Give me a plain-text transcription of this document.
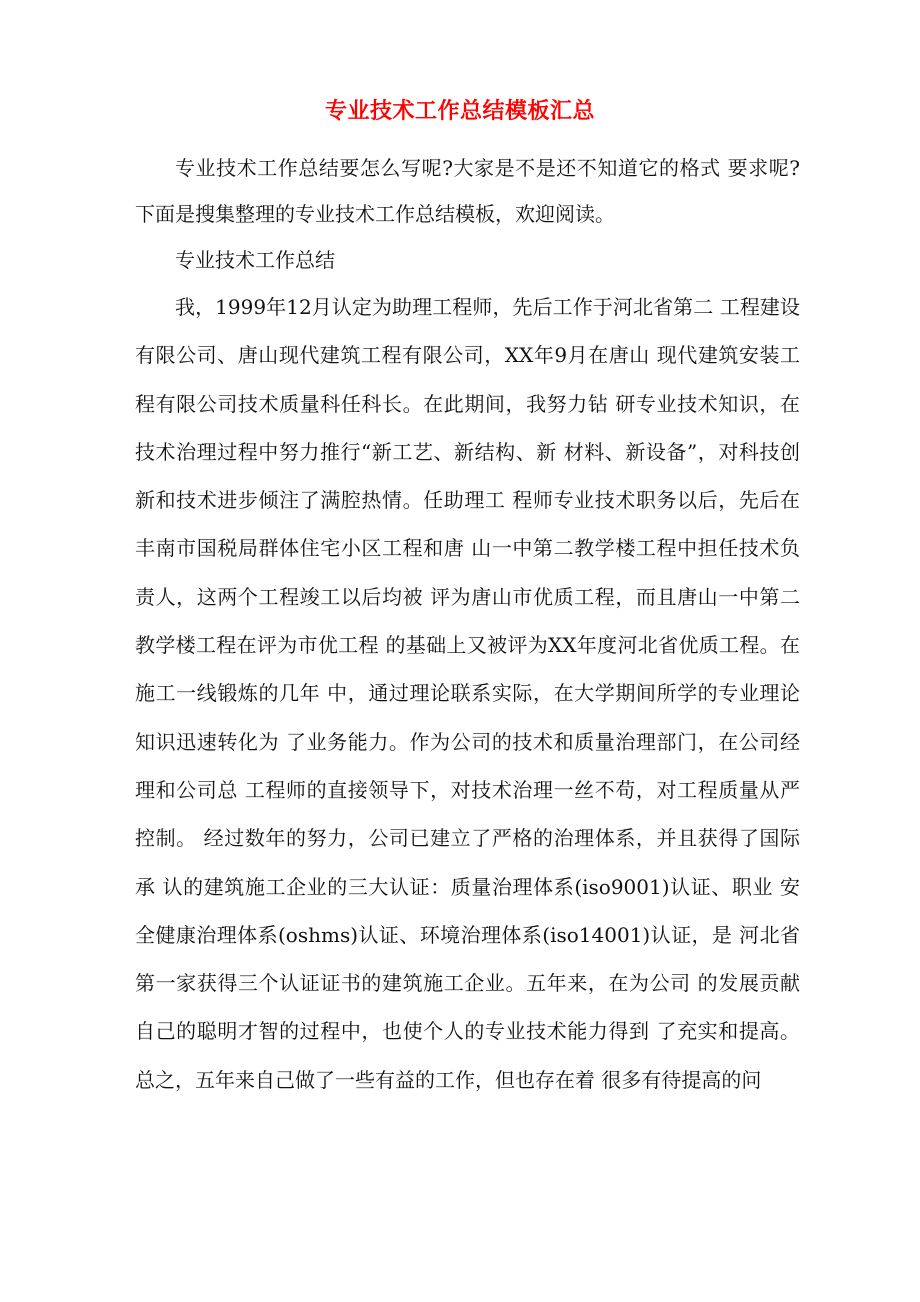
专业技术工作总结模板汇总
专业技术工作总结要怎么写呢?大家是不是还不知道它的格式 要求呢?下面是搜集整理的专业技术工作总结模板，欢迎阅读。
专业技术工作总结
我，1999年12月认定为助理工程师，先后工作于河北省第二 工程建设有限公司、唐山现代建筑工程有限公司，XX年9月在唐山 现代建筑安装工程有限公司技术质量科任科长。在此期间，我努力钻 研专业技术知识，在技术治理过程中努力推行“新工艺、新结构、新 材料、新设备”，对科技创新和技术进步倾注了满腔热情。任助理工 程师专业技术职务以后，先后在丰南市国税局群体住宅小区工程和唐 山一中第二教学楼工程中担任技术负责人，这两个工程竣工以后均被 评为唐山市优质工程，而且唐山一中第二教学楼工程在评为市优工程 的基础上又被评为XX年度河北省优质工程。在施工一线锻炼的几年 中，通过理论联系实际，在大学期间所学的专业理论知识迅速转化为 了业务能力。作为公司的技术和质量治理部门，在公司经理和公司总 工程师的直接领导下，对技术治理一丝不苟，对工程质量从严控制。 经过数年的努力，公司已建立了严格的治理体系，并且获得了国际承 认的建筑施工企业的三大认证：质量治理体系(iso9001)认证、职业 安全健康治理体系(oshms)认证、环境治理体系(iso14001)认证，是 河北省第一家获得三个认证证书的建筑施工企业。五年来，在为公司 的发展贡献自己的聪明才智的过程中，也使个人的专业技术能力得到 了充实和提高。总之，五年来自己做了一些有益的工作，但也存在着 很多有待提高的问
